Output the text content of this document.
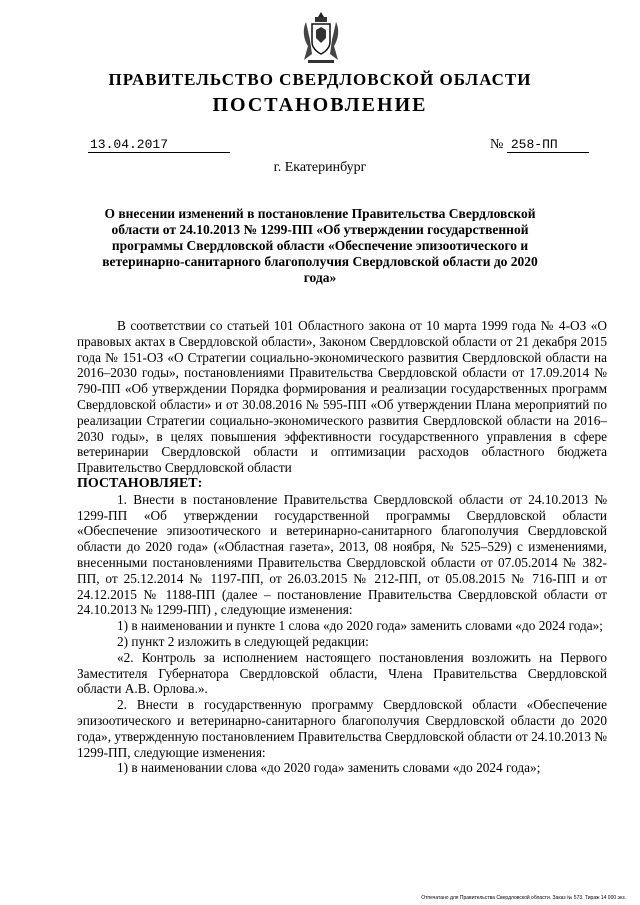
ПРАВИТЕЛЬСТВО СВЕРДЛОВСКОЙ ОБЛАСТИ
ПОСТАНОВЛЕНИЕ
13.04.2017	№ 258-ПП
г. Екатеринбург
О внесении изменений в постановление Правительства Свердловской области от 24.10.2013 № 1299-ПП «Об утверждении государственной программы Свердловской области «Обеспечение эпизоотического и ветеринарно-санитарного благополучия Свердловской области до 2020 года»

В соответствии со статьей 101 Областного закона от 10 марта 1999 года № 4-ОЗ «О правовых актах в Свердловской области», Законом Свердловской области от 21 декабря 2015 года № 151-ОЗ «О Стратегии социально-экономического развития Свердловской области на 2016–2030 годы», постановлениями Правительства Свердловской области от 17.09.2014 № 790-ПП «Об утверждении Порядка формирования и реализации государственных программ Свердловской области» и от 30.08.2016 № 595-ПП «Об утверждении Плана мероприятий по реализации Стратегии социально-экономического развития Свердловской области на 2016–2030 годы», в целях повышения эффективности государственного управления в сфере ветеринарии Свердловской области и оптимизации расходов областного бюджета Правительство Свердловской области

ПОСТАНОВЛЯЕТ:

1. Внести в постановление Правительства Свердловской области от 24.10.2013 № 1299-ПП «Об утверждении государственной программы Свердловской области «Обеспечение эпизоотического и ветеринарно-санитарного благополучия Свердловской области до 2020 года» («Областная газета», 2013, 08 ноября, № 525–529) с изменениями, внесенными постановлениями Правительства Свердловской области от 07.05.2014 № 382-ПП, от 25.12.2014 № 1197-ПП, от 26.03.2015 № 212-ПП, от 05.08.2015 № 716-ПП и от 24.12.2015 № 1188-ПП (далее – постановление Правительства Свердловской области от 24.10.2013 № 1299-ПП) , следующие изменения:

1) в наименовании и пункте 1 слова «до 2020 года» заменить словами «до 2024 года»;

2) пункт 2 изложить в следующей редакции:

«2. Контроль за исполнением настоящего постановления возложить на Первого Заместителя Губернатора Свердловской области, Члена Правительства Свердловской области А.В. Орлова.».

2. Внести в государственную программу Свердловской области «Обеспечение эпизоотического и ветеринарно-санитарного благополучия Свердловской области до 2020 года», утвержденную постановлением Правительства Свердловской области от 24.10.2013 № 1299-ПП, следующие изменения:

1) в наименовании слова «до 2020 года» заменить словами «до 2024 года»;

Отпечатано для Правительства Свердловской области. Заказ № 573. Тираж 14 000 экз.
